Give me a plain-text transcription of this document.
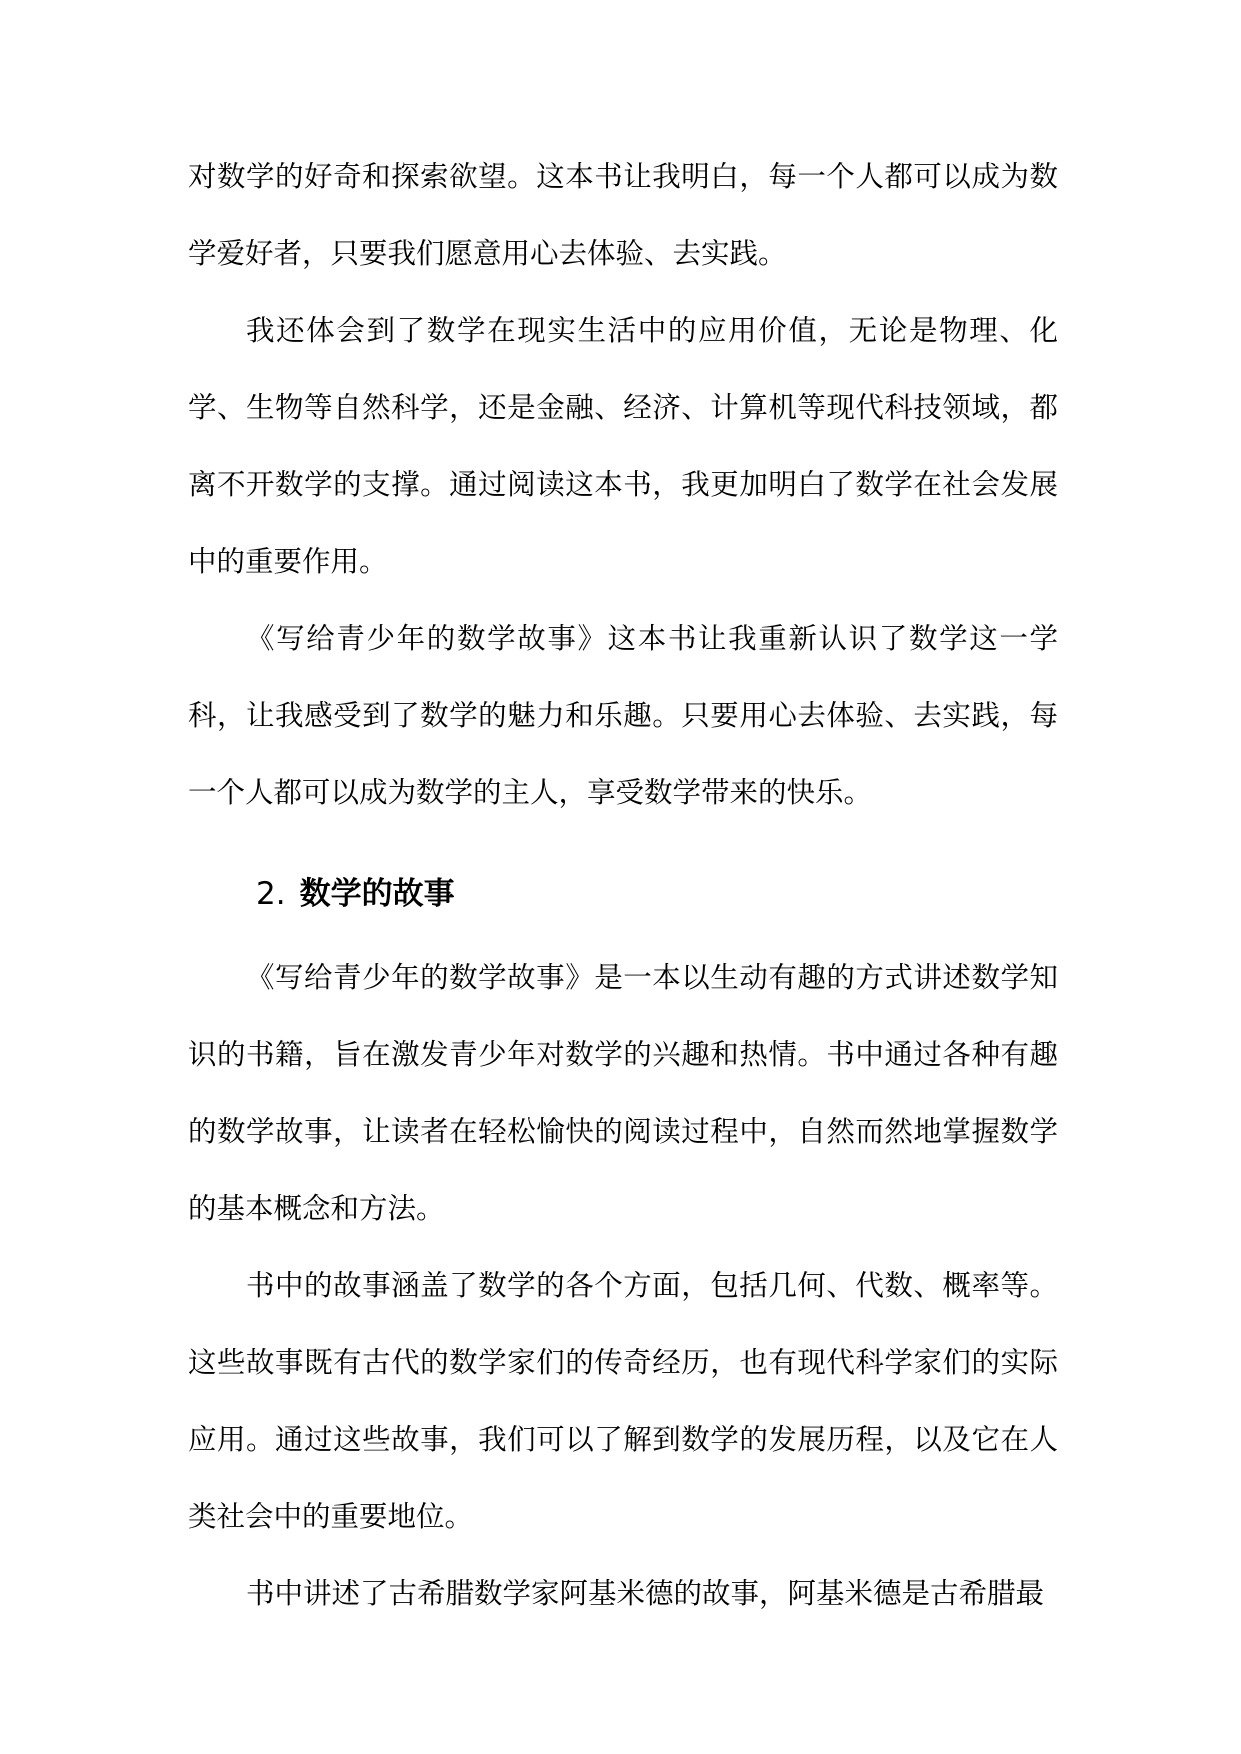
对数学的好奇和探索欲望。这本书让我明白，每一个人都可以成为数学爱好者，只要我们愿意用心去体验、去实践。

我还体会到了数学在现实生活中的应用价值，无论是物理、化学、生物等自然科学，还是金融、经济、计算机等现代科技领域，都离不开数学的支撑。通过阅读这本书，我更加明白了数学在社会发展中的重要作用。

《写给青少年的数学故事》这本书让我重新认识了数学这一学科，让我感受到了数学的魅力和乐趣。只要用心去体验、去实践，每一个人都可以成为数学的主人，享受数学带来的快乐。

2. 数学的故事

《写给青少年的数学故事》是一本以生动有趣的方式讲述数学知识的书籍，旨在激发青少年对数学的兴趣和热情。书中通过各种有趣的数学故事，让读者在轻松愉快的阅读过程中，自然而然地掌握数学的基本概念和方法。

书中的故事涵盖了数学的各个方面，包括几何、代数、概率等。这些故事既有古代的数学家们的传奇经历，也有现代科学家们的实际应用。通过这些故事，我们可以了解到数学的发展历程，以及它在人类社会中的重要地位。

书中讲述了古希腊数学家阿基米德的故事，阿基米德是古希腊最
